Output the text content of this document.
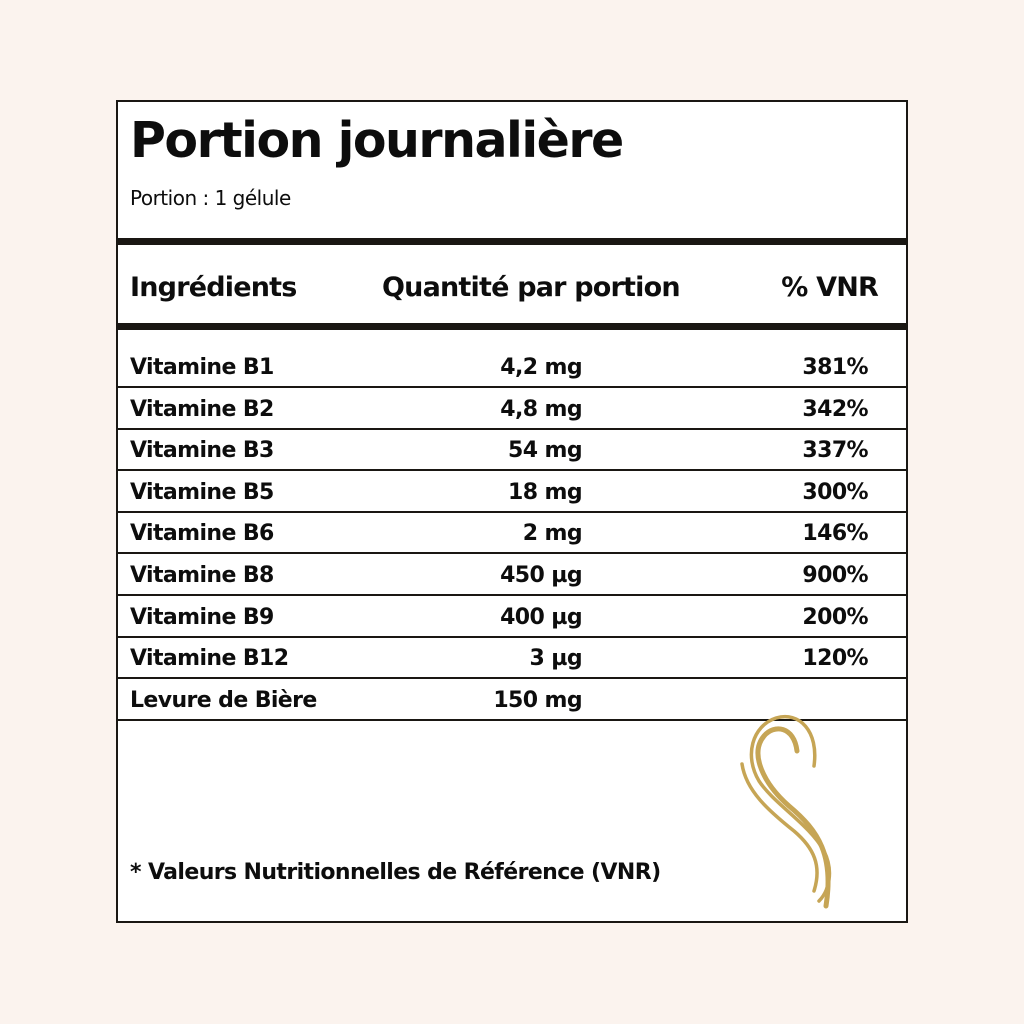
Portion journalière
Portion : 1 gélule
Ingrédients	Quantité par portion	% VNR
Vitamine B1	4,2 mg	381%
Vitamine B2	4,8 mg	342%
Vitamine B3	54 mg	337%
Vitamine B5	18 mg	300%
Vitamine B6	2 mg	146%
Vitamine B8	450 µg	900%
Vitamine B9	400 µg	200%
Vitamine B12	3 µg	120%
Levure de Bière	150 mg
* Valeurs Nutritionnelles de Référence (VNR)
